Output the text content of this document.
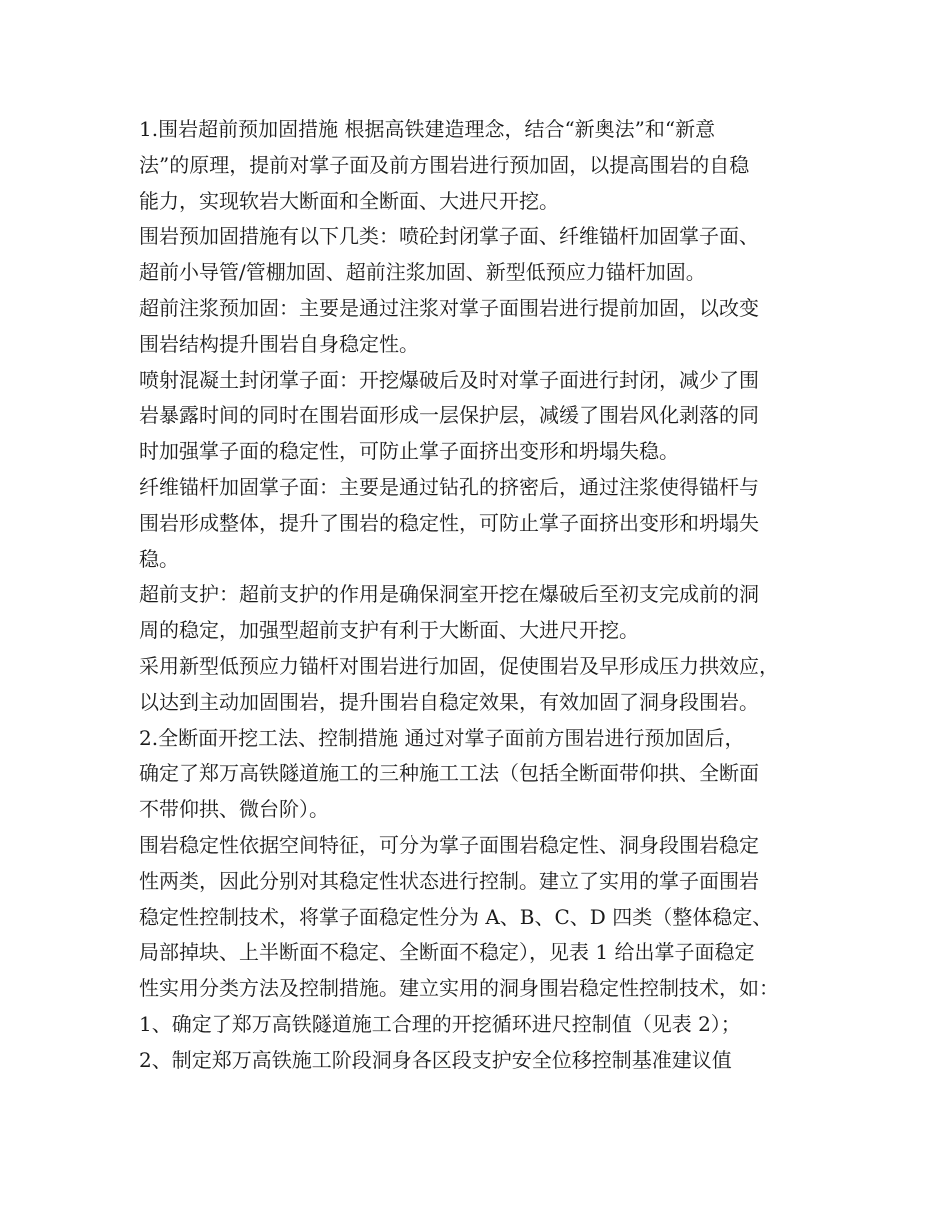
1.围岩超前预加固措施 根据高铁建造理念，结合“新奥法”和“新意
法”的原理，提前对掌子面及前方围岩进行预加固，以提高围岩的自稳
能力，实现软岩大断面和全断面、大进尺开挖。
围岩预加固措施有以下几类：喷砼封闭掌子面、纤维锚杆加固掌子面、
超前小导管/管棚加固、超前注浆加固、新型低预应力锚杆加固。
超前注浆预加固：主要是通过注浆对掌子面围岩进行提前加固，以改变
围岩结构提升围岩自身稳定性。
喷射混凝土封闭掌子面：开挖爆破后及时对掌子面进行封闭，减少了围
岩暴露时间的同时在围岩面形成一层保护层，减缓了围岩风化剥落的同
时加强掌子面的稳定性，可防止掌子面挤出变形和坍塌失稳。
纤维锚杆加固掌子面：主要是通过钻孔的挤密后，通过注浆使得锚杆与
围岩形成整体，提升了围岩的稳定性，可防止掌子面挤出变形和坍塌失
稳。
超前支护：超前支护的作用是确保洞室开挖在爆破后至初支完成前的洞
周的稳定，加强型超前支护有利于大断面、大进尺开挖。
采用新型低预应力锚杆对围岩进行加固，促使围岩及早形成压力拱效应，
以达到主动加固围岩，提升围岩自稳定效果，有效加固了洞身段围岩。
2.全断面开挖工法、控制措施 通过对掌子面前方围岩进行预加固后，
确定了郑万高铁隧道施工的三种施工工法（包括全断面带仰拱、全断面
不带仰拱、微台阶）。
围岩稳定性依据空间特征，可分为掌子面围岩稳定性、洞身段围岩稳定
性两类，因此分别对其稳定性状态进行控制。建立了实用的掌子面围岩
稳定性控制技术，将掌子面稳定性分为 A、B、C、D 四类（整体稳定、
局部掉块、上半断面不稳定、全断面不稳定），见表 1 给出掌子面稳定
性实用分类方法及控制措施。建立实用的洞身围岩稳定性控制技术，如：
1、确定了郑万高铁隧道施工合理的开挖循环进尺控制值（见表 2）；
2、制定郑万高铁施工阶段洞身各区段支护安全位移控制基准建议值
